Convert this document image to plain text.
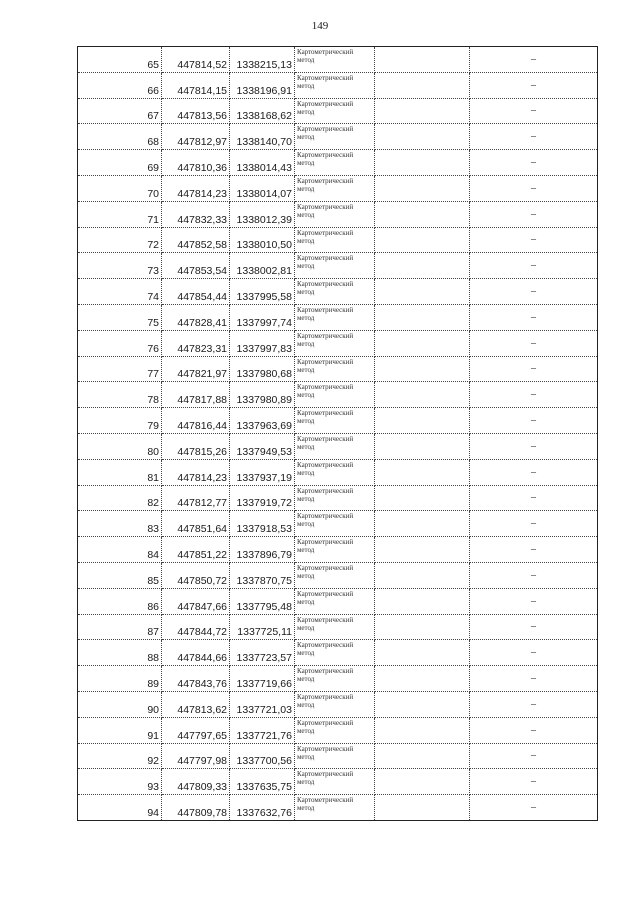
149
65	447814,52	1338215,13	Картометрический метод		–
66	447814,15	1338196,91	Картометрический метод		–
67	447813,56	1338168,62	Картометрический метод		–
68	447812,97	1338140,70	Картометрический метод		–
69	447810,36	1338014,43	Картометрический метод		–
70	447814,23	1338014,07	Картометрический метод		–
71	447832,33	1338012,39	Картометрический метод		–
72	447852,58	1338010,50	Картометрический метод		–
73	447853,54	1338002,81	Картометрический метод		–
74	447854,44	1337995,58	Картометрический метод		–
75	447828,41	1337997,74	Картометрический метод		–
76	447823,31	1337997,83	Картометрический метод		–
77	447821,97	1337980,68	Картометрический метод		–
78	447817,88	1337980,89	Картометрический метод		–
79	447816,44	1337963,69	Картометрический метод		–
80	447815,26	1337949,53	Картометрический метод		–
81	447814,23	1337937,19	Картометрический метод		–
82	447812,77	1337919,72	Картометрический метод		–
83	447851,64	1337918,53	Картометрический метод		–
84	447851,22	1337896,79	Картометрический метод		–
85	447850,72	1337870,75	Картометрический метод		–
86	447847,66	1337795,48	Картометрический метод		–
87	447844,72	1337725,11	Картометрический метод		–
88	447844,66	1337723,57	Картометрический метод		–
89	447843,76	1337719,66	Картометрический метод		–
90	447813,62	1337721,03	Картометрический метод		–
91	447797,65	1337721,76	Картометрический метод		–
92	447797,98	1337700,56	Картометрический метод		–
93	447809,33	1337635,75	Картометрический метод		–
94	447809,78	1337632,76	Картометрический метод		–
